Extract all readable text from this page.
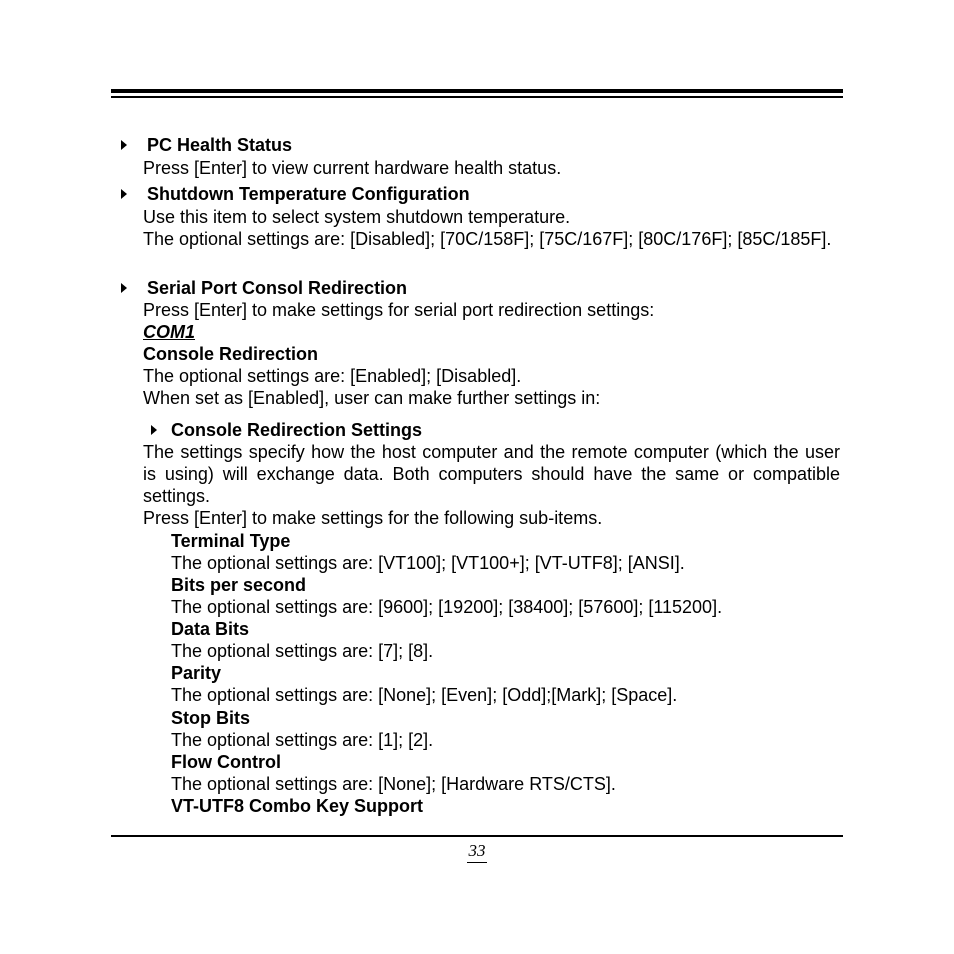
PC Health Status
Press [Enter] to view current hardware health status.
Shutdown Temperature Configuration
Use this item to select system shutdown temperature.
The optional settings are: [Disabled]; [70C/158F]; [75C/167F]; [80C/176F]; [85C/185F].
Serial Port Consol Redirection
Press [Enter] to make settings for serial port redirection settings:
COM1
Console Redirection
The optional settings are: [Enabled]; [Disabled].
When set as [Enabled], user can make further settings in:
Console Redirection Settings
The settings specify how the host computer and the remote computer (which the user is using) will exchange data. Both computers should have the same or compatible settings.
Press [Enter] to make settings for the following sub-items.
Terminal Type
The optional settings are: [VT100]; [VT100+]; [VT-UTF8]; [ANSI].
Bits per second
The optional settings are: [9600]; [19200]; [38400]; [57600]; [115200].
Data Bits
The optional settings are: [7]; [8].
Parity
The optional settings are: [None]; [Even]; [Odd];[Mark]; [Space].
Stop Bits
The optional settings are: [1]; [2].
Flow Control
The optional settings are: [None]; [Hardware RTS/CTS].
VT-UTF8 Combo Key Support
33
